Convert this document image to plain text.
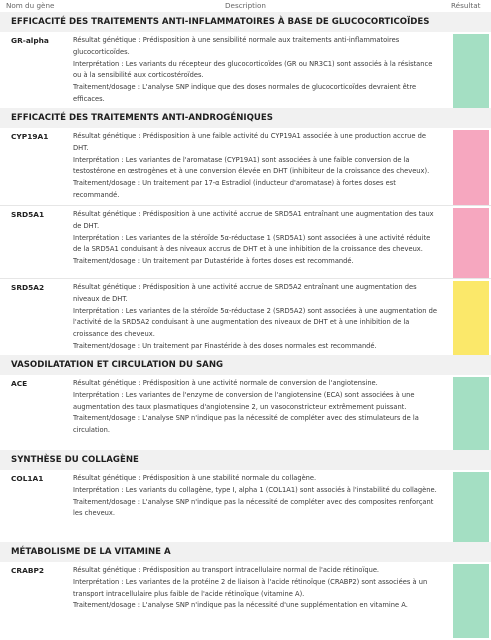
Nom du gène	Description	Résultat
EFFICACITÉ DES TRAITEMENTS ANTI-INFLAMMATOIRES À BASE DE GLUCOCORTICOÏDES
GR-alpha	Résultat génétique : Prédisposition à une sensibilité normale aux traitements anti-inflammatoires

glucocorticoïdes.

Interprétation : Les variants du récepteur des glucocorticoïdes (GR ou NR3C1) sont associés à la résistance

ou à la sensibilité aux corticostéroïdes.

Traitement/dosage : L'analyse SNP indique que des doses normales de glucocorticoïdes devraient être

efficaces.

EFFICACITÉ DES TRAITEMENTS ANTI-ANDROGÉNIQUES
CYP19A1	Résultat génétique : Prédisposition à une faible activité du CYP19A1 associée à une production accrue de

DHT.

Interprétation : Les variantes de l'aromatase (CYP19A1) sont associées à une faible conversion de la

testostérone en œstrogènes et à une conversion élevée en DHT (inhibiteur de la croissance des cheveux).

Traitement/dosage : Un traitement par 17-α Estradiol (inducteur d'aromatase) à fortes doses est

recommandé.

SRD5A1	Résultat génétique : Prédisposition à une activité accrue de SRD5A1 entraînant une augmentation des taux

de DHT.

Interprétation : Les variantes de la stéroïde 5α-réductase 1 (SRD5A1) sont associées à une activité réduite

de la SRD5A1 conduisant à des niveaux accrus de DHT et à une inhibition de la croissance des cheveux.

Traitement/dosage : Un traitement par Dutastéride à fortes doses est recommandé.

SRD5A2	Résultat génétique : Prédisposition à une activité accrue de SRD5A2 entraînant une augmentation des

niveaux de DHT.

Interprétation : Les variantes de la stéroïde 5α-réductase 2 (SRD5A2) sont associées à une augmentation de

l'activité de la SRD5A2 conduisant à une augmentation des niveaux de DHT et à une inhibition de la

croissance des cheveux.

Traitement/dosage : Un traitement par Finastéride à des doses normales est recommandé.

VASODILATATION ET CIRCULATION DU SANG
ACE	Résultat génétique : Prédisposition à une activité normale de conversion de l'angiotensine.

Interprétation : Les variantes de l'enzyme de conversion de l'angiotensine (ECA) sont associées à une

augmentation des taux plasmatiques d'angiotensine 2, un vasoconstricteur extrêmement puissant.

Traitement/dosage : L'analyse SNP n'indique pas la nécessité de compléter avec des stimulateurs de la

circulation.

SYNTHÈSE DU COLLAGÈNE
COL1A1	Résultat génétique : Prédisposition à une stabilité normale du collagène.

Interprétation : Les variants du collagène, type I, alpha 1 (COL1A1) sont associés à l'instabilité du collagène.

Traitement/dosage : L'analyse SNP n'indique pas la nécessité de compléter avec des composites renforçant

les cheveux.

MÉTABOLISME DE LA VITAMINE A
CRABP2	Résultat génétique : Prédisposition au transport intracellulaire normal de l'acide rétinoïque.

Interprétation : Les variantes de la protéine 2 de liaison à l'acide rétinoïque (CRABP2) sont associées à un

transport intracellulaire plus faible de l'acide rétinoïque (vitamine A).

Traitement/dosage : L'analyse SNP n'indique pas la nécessité d'une supplémentation en vitamine A.
